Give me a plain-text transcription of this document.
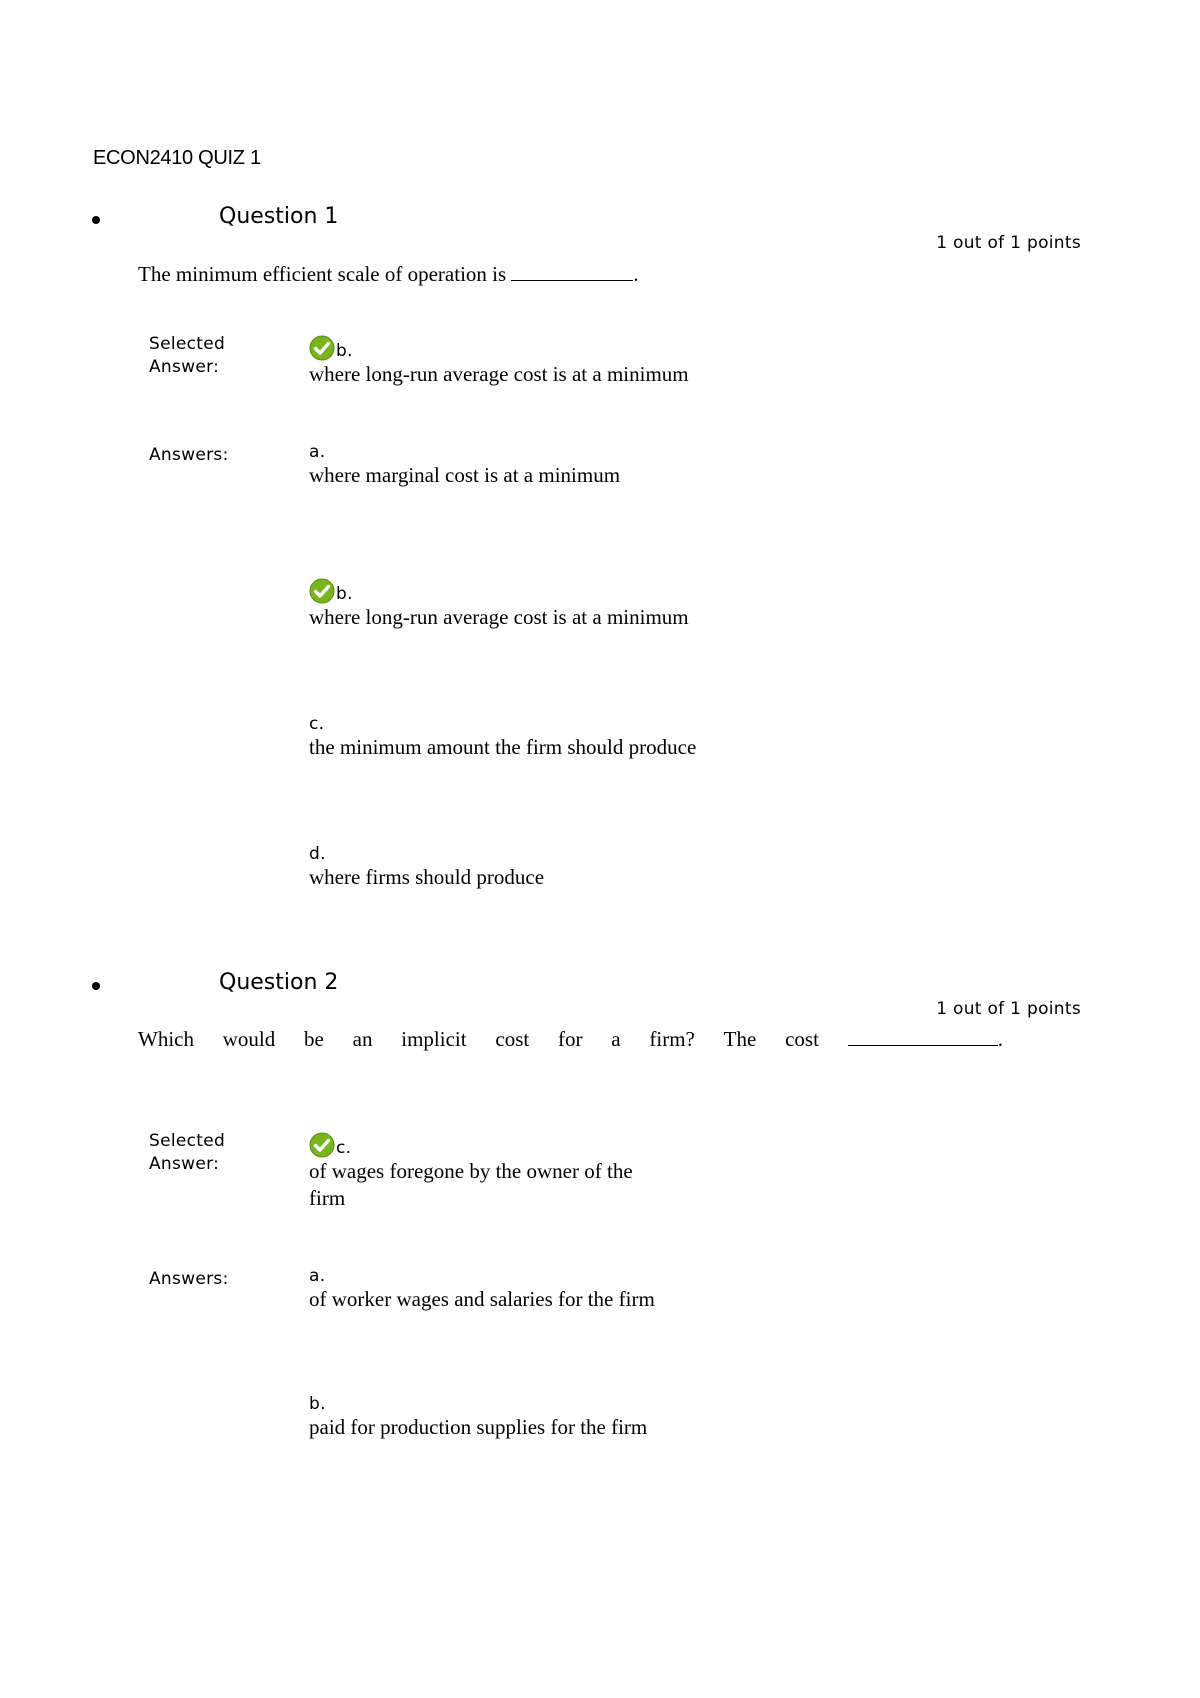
ECON2410 QUIZ 1
Question 1
1 out of 1 points
The minimum efficient scale of operation is	.
Selected Answer:
b.
where long-run average cost is at a minimum
Answers:	a.
where marginal cost is at a minimum
b.
where long-run average cost is at a minimum
c.
the minimum amount the firm should produce
d.
where firms should produce
Question 2
1 out of 1 points
Which would be an implicit cost for a firm? The cost	.
Selected Answer:
c.
of wages foregone by the owner of the
firm
Answers:	a.
of worker wages and salaries for the firm
b.
paid for production supplies for the firm
